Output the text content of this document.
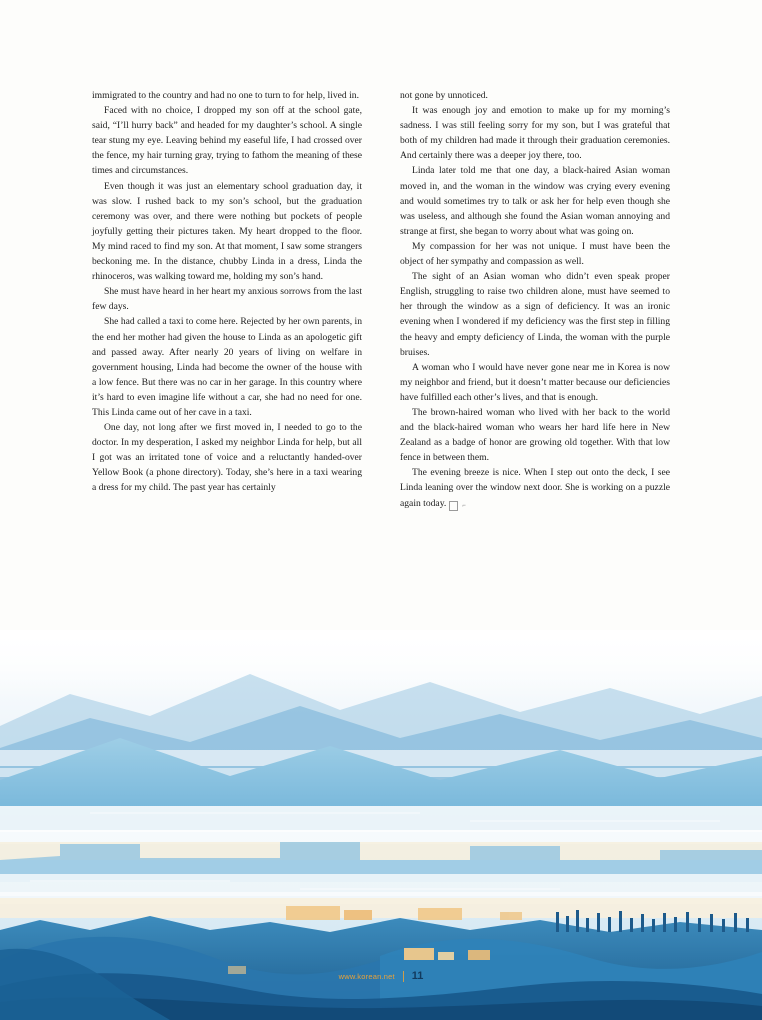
immigrated to the country and had no one to turn to for help, lived in.

Faced with no choice, I dropped my son off at the school gate, said, “I’ll hurry back” and headed for my daughter’s school. A single tear stung my eye. Leaving behind my easeful life, I had crossed over the fence, my hair turning gray, trying to fathom the meaning of these times and circumstances.

Even though it was just an elementary school graduation day, it was slow. I rushed back to my son’s school, but the graduation ceremony was over, and there were nothing but pockets of people joyfully getting their pictures taken. My heart dropped to the floor. My mind raced to find my son. At that moment, I saw some strangers beckoning me. In the distance, chubby Linda in a dress, Linda the rhinoceros, was walking toward me, holding my son’s hand.

She must have heard in her heart my anxious sorrows from the last few days.

She had called a taxi to come here. Rejected by her own parents, in the end her mother had given the house to Linda as an apologetic gift and passed away. After nearly 20 years of living on welfare in government housing, Linda had become the owner of the house with a low fence. But there was no car in her garage. In this country where it’s hard to even imagine life without a car, she had no need for one. This Linda came out of her cave in a taxi.

One day, not long after we first moved in, I needed to go to the doctor. In my desperation, I asked my neighbor Linda for help, but all I got was an irritated tone of voice and a reluctantly handed-over Yellow Book (a phone directory). Today, she’s here in a taxi wearing a dress for my child. The past year has certainly

not gone by unnoticed.

It was enough joy and emotion to make up for my morning’s sadness. I was still feeling sorry for my son, but I was grateful that both of my children had made it through their graduation ceremonies. And certainly there was a deeper joy there, too.

Linda later told me that one day, a black-haired Asian woman moved in, and the woman in the window was crying every evening and would sometimes try to talk or ask her for help even though she was useless, and although she found the Asian woman annoying and strange at first, she began to worry about what was going on.

My compassion for her was not unique. I must have been the object of her sympathy and compassion as well.

The sight of an Asian woman who didn’t even speak proper English, struggling to raise two children alone, must have seemed to her through the window as a sign of deficiency. It was an ironic evening when I wondered if my deficiency was the first step in filling the heavy and empty deficiency of Linda, the woman with the purple bruises.

A woman who I would have never gone near me in Korea is now my neighbor and friend, but it doesn’t matter because our deficiencies have fulfilled each other’s lives, and that is enough.

The brown-haired woman who lived with her back to the world and the black-haired woman who wears her hard life here in New Zealand as a badge of honor are growing old together. With that low fence in between them.

The evening breeze is nice. When I step out onto the deck, I see Linda leaning over the window next door. She is working on a puzzle again today.	⌐

www.korean.net 11
